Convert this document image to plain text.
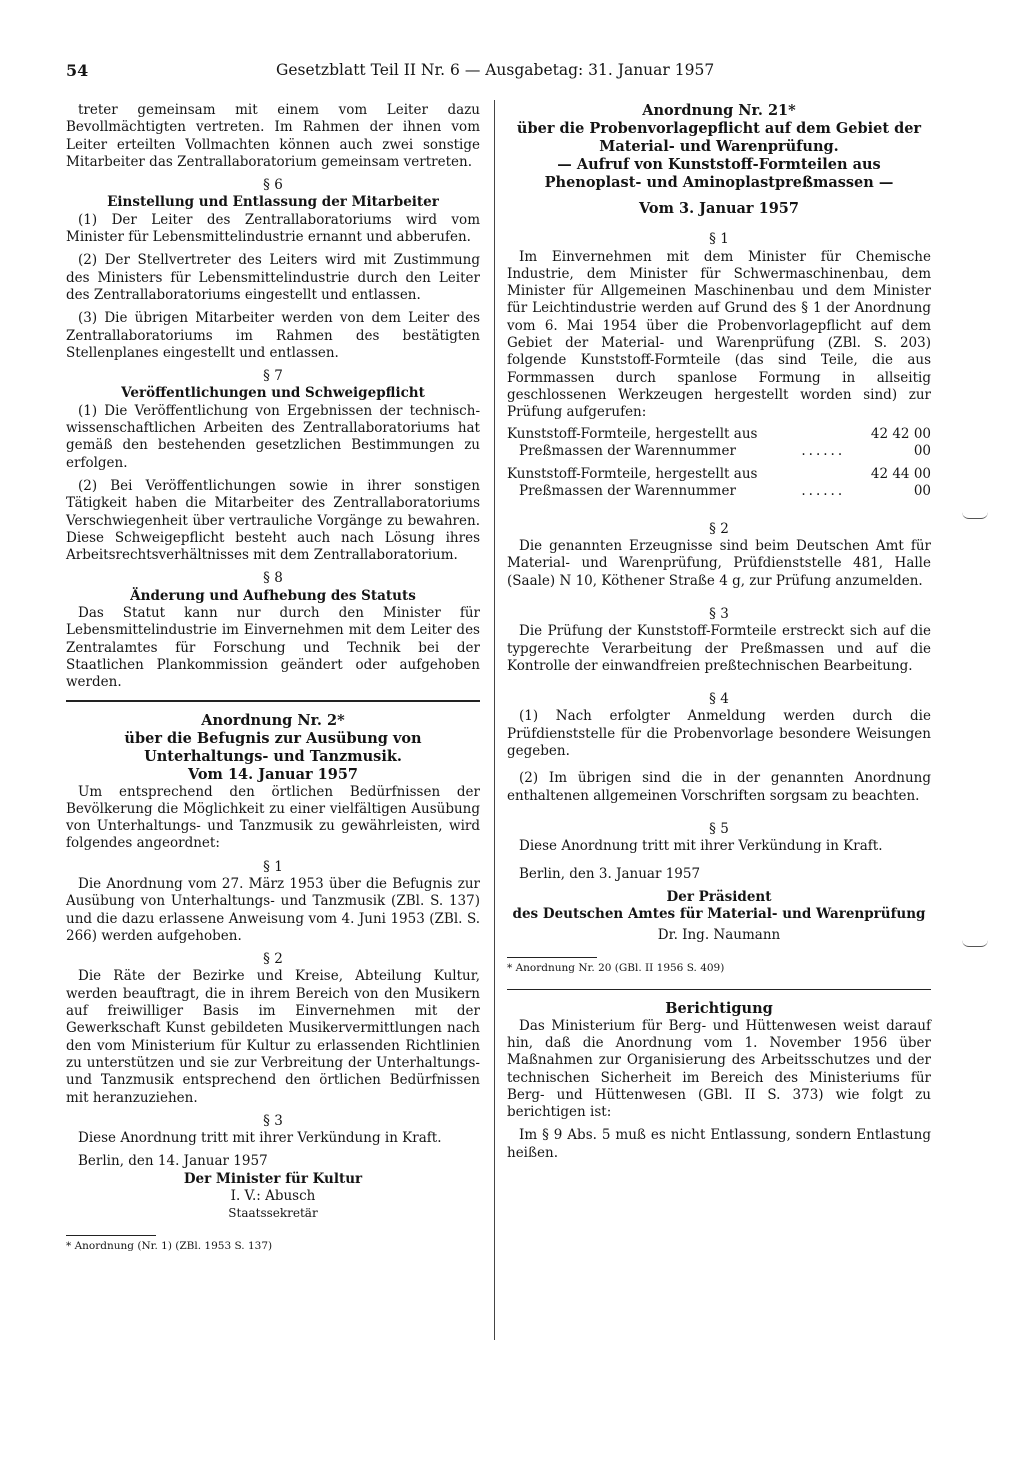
54	Gesetzblatt Teil II Nr. 6 — Ausgabetag: 31. Januar 1957

treter gemeinsam mit einem vom Leiter dazu Bevollmächtigten vertreten. Im Rahmen der ihnen vom Leiter erteilten Vollmachten können auch zwei sonstige Mitarbeiter das Zentrallaboratorium gemeinsam vertreten.

§ 6
Einstellung und Entlassung der Mitarbeiter

(1) Der Leiter des Zentrallaboratoriums wird vom Minister für Lebensmittelindustrie ernannt und abberufen.

(2) Der Stellvertreter des Leiters wird mit Zustimmung des Ministers für Lebensmittelindustrie durch den Leiter des Zentrallaboratoriums eingestellt und entlassen.

(3) Die übrigen Mitarbeiter werden von dem Leiter des Zentrallaboratoriums im Rahmen des bestätigten Stellenplanes eingestellt und entlassen.

§ 7
Veröffentlichungen und Schweigepflicht

(1) Die Veröffentlichung von Ergebnissen der technisch-wissenschaftlichen Arbeiten des Zentrallaboratoriums hat gemäß den bestehenden gesetzlichen Bestimmungen zu erfolgen.

(2) Bei Veröffentlichungen sowie in ihrer sonstigen Tätigkeit haben die Mitarbeiter des Zentrallaboratoriums Verschwiegenheit über vertrauliche Vorgänge zu bewahren. Diese Schweigepflicht besteht auch nach Lösung ihres Arbeitsrechtsverhältnisses mit dem Zentrallaboratorium.

§ 8
Änderung und Aufhebung des Statuts

Das Statut kann nur durch den Minister für Lebensmittelindustrie im Einvernehmen mit dem Leiter des Zentralamtes für Forschung und Technik bei der Staatlichen Plankommission geändert oder aufgehoben werden.

Anordnung Nr. 2*
über die Befugnis zur Ausübung von
Unterhaltungs- und Tanzmusik.
Vom 14. Januar 1957

Um entsprechend den örtlichen Bedürfnissen der Bevölkerung die Möglichkeit zu einer vielfältigen Ausübung von Unterhaltungs- und Tanzmusik zu gewährleisten, wird folgendes angeordnet:

§ 1

Die Anordnung vom 27. März 1953 über die Befugnis zur Ausübung von Unterhaltungs- und Tanzmusik (ZBl. S. 137) und die dazu erlassene Anweisung vom 4. Juni 1953 (ZBl. S. 266) werden aufgehoben.

§ 2

Die Räte der Bezirke und Kreise, Abteilung Kultur, werden beauftragt, die in ihrem Bereich von den Musikern auf freiwilliger Basis im Einvernehmen mit der Gewerkschaft Kunst gebildeten Musikervermittlungen nach den vom Ministerium für Kultur zu erlassenden Richtlinien zu unterstützen und sie zur Verbreitung der Unterhaltungs- und Tanzmusik entsprechend den örtlichen Bedürfnissen mit heranzuziehen.

§ 3

Diese Anordnung tritt mit ihrer Verkündung in Kraft.

Berlin, den 14. Januar 1957

Der Minister für Kultur
I. V.: Abusch
Staatssekretär
* Anordnung (Nr. 1) (ZBl. 1953 S. 137)
Anordnung Nr. 21*
über die Probenvorlagepflicht auf dem Gebiet der
Material- und Warenprüfung.
— Aufruf von Kunststoff-Formteilen aus
Phenoplast- und Aminoplastpreßmassen —
Vom 3. Januar 1957
§ 1

Im Einvernehmen mit dem Minister für Chemische Industrie, dem Minister für Schwermaschinenbau, dem Minister für Allgemeinen Maschinenbau und dem Minister für Leichtindustrie werden auf Grund des § 1 der Anordnung vom 6. Mai 1954 über die Probenvorlagepflicht auf dem Gebiet der Material- und Warenprüfung (ZBl. S. 203) folgende Kunststoff-Formteile (das sind Teile, die aus Formmassen durch spanlose Formung in allseitig geschlossenen Werkzeugen hergestellt worden sind) zur Prüfung aufgerufen:

Kunststoff-Formteile, hergestellt aus Preßmassen der Warennummer	......
42 42 00 00
Kunststoff-Formteile, hergestellt aus Preßmassen der Warennummer	......
42 44 00 00
§ 2

Die genannten Erzeugnisse sind beim Deutschen Amt für Material- und Warenprüfung, Prüfdienststelle 481, Halle (Saale) N 10, Köthener Straße 4 g, zur Prüfung anzumelden.

§ 3

Die Prüfung der Kunststoff-Formteile erstreckt sich auf die typgerechte Verarbeitung der Preßmassen und auf die Kontrolle der einwandfreien preßtechnischen Bearbeitung.

§ 4

(1) Nach erfolgter Anmeldung werden durch die Prüfdienststelle für die Probenvorlage besondere Weisungen gegeben.

(2) Im übrigen sind die in der genannten Anordnung enthaltenen allgemeinen Vorschriften sorgsam zu beachten.

§ 5

Diese Anordnung tritt mit ihrer Verkündung in Kraft.

Berlin, den 3. Januar 1957

Der Präsident
des Deutschen Amtes für Material- und Warenprüfung
Dr. Ing. Naumann
* Anordnung Nr. 20 (GBl. II 1956 S. 409)
Berichtigung

Das Ministerium für Berg- und Hüttenwesen weist darauf hin, daß die Anordnung vom 1. November 1956 über Maßnahmen zur Organisierung des Arbeitsschutzes und der technischen Sicherheit im Bereich des Ministeriums für Berg- und Hüttenwesen (GBl. II S. 373) wie folgt zu berichtigen ist:

Im § 9 Abs. 5 muß es nicht Entlassung, sondern Entlastung heißen.
